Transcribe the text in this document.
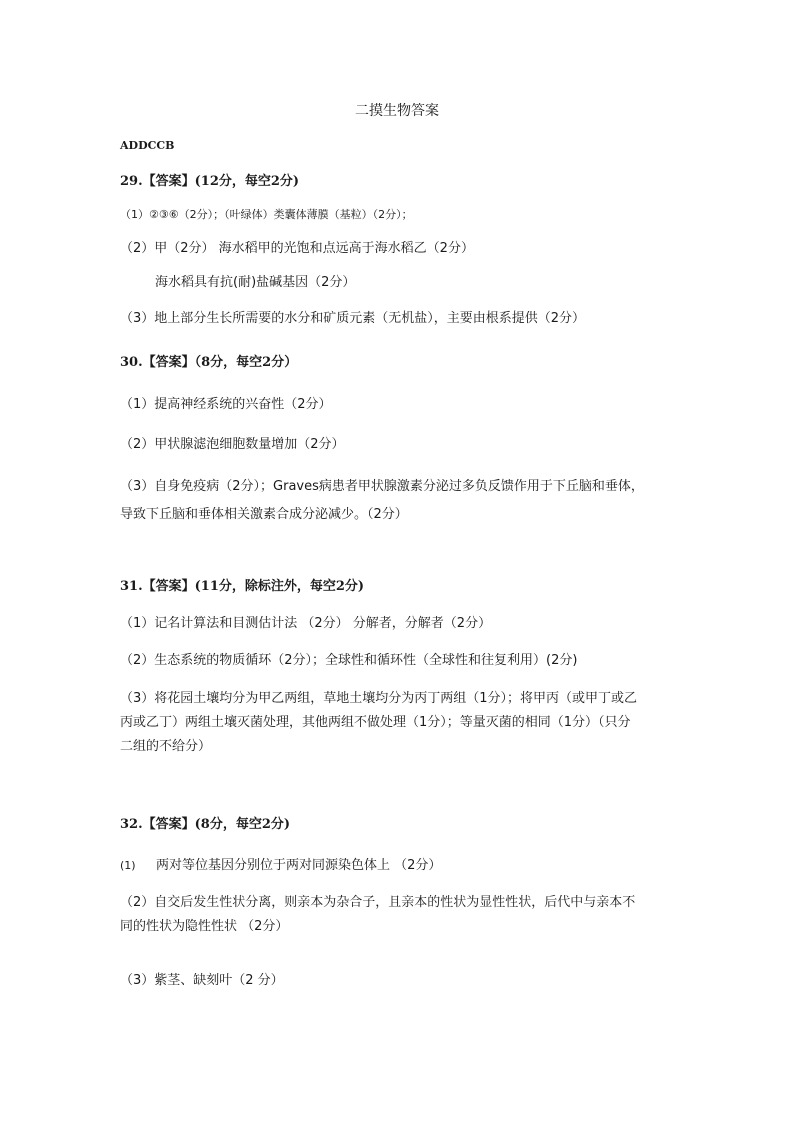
二摸生物答案
ADDCCB
29.【答案】(12分，每空2分)
（1）②③⑥（2分）；（叶绿体）类囊体薄膜（基粒）（2分）；
（2）甲（2分） 海水稻甲的光饱和点远高于海水稻乙（2分）
海水稻具有抗(耐)盐碱基因（2分）
（3）地上部分生长所需要的水分和矿质元素（无机盐），主要由根系提供（2分）
30.【答案】（8分，每空2分）
（1）提高神经系统的兴奋性（2分）
（2）甲状腺滤泡细胞数量增加（2分）
（3）自身免疫病（2分）；Graves病患者甲状腺激素分泌过多负反馈作用于下丘脑和垂体，
导致下丘脑和垂体相关激素合成分泌减少。（2分）
31.【答案】(11分，除标注外，每空2分)
（1）记名计算法和目测估计法 （2分） 分解者，分解者（2分）
（2）生态系统的物质循环（2分）；全球性和循环性（全球性和往复利用）(2分)
（3）将花园土壤均分为甲乙两组，草地土壤均分为丙丁两组（1分）；将甲丙（或甲丁或乙
丙或乙丁）两组土壤灭菌处理，其他两组不做处理（1分）；等量灭菌的相同（1分）（只分
二组的不给分）
32.【答案】(8分，每空2分)
(1) 两对等位基因分别位于两对同源染色体上 （2分）
（2）自交后发生性状分离，则亲本为杂合子，且亲本的性状为显性性状，后代中与亲本不
同的性状为隐性性状 （2分）
（3）紫茎、缺刻叶（2 分）
